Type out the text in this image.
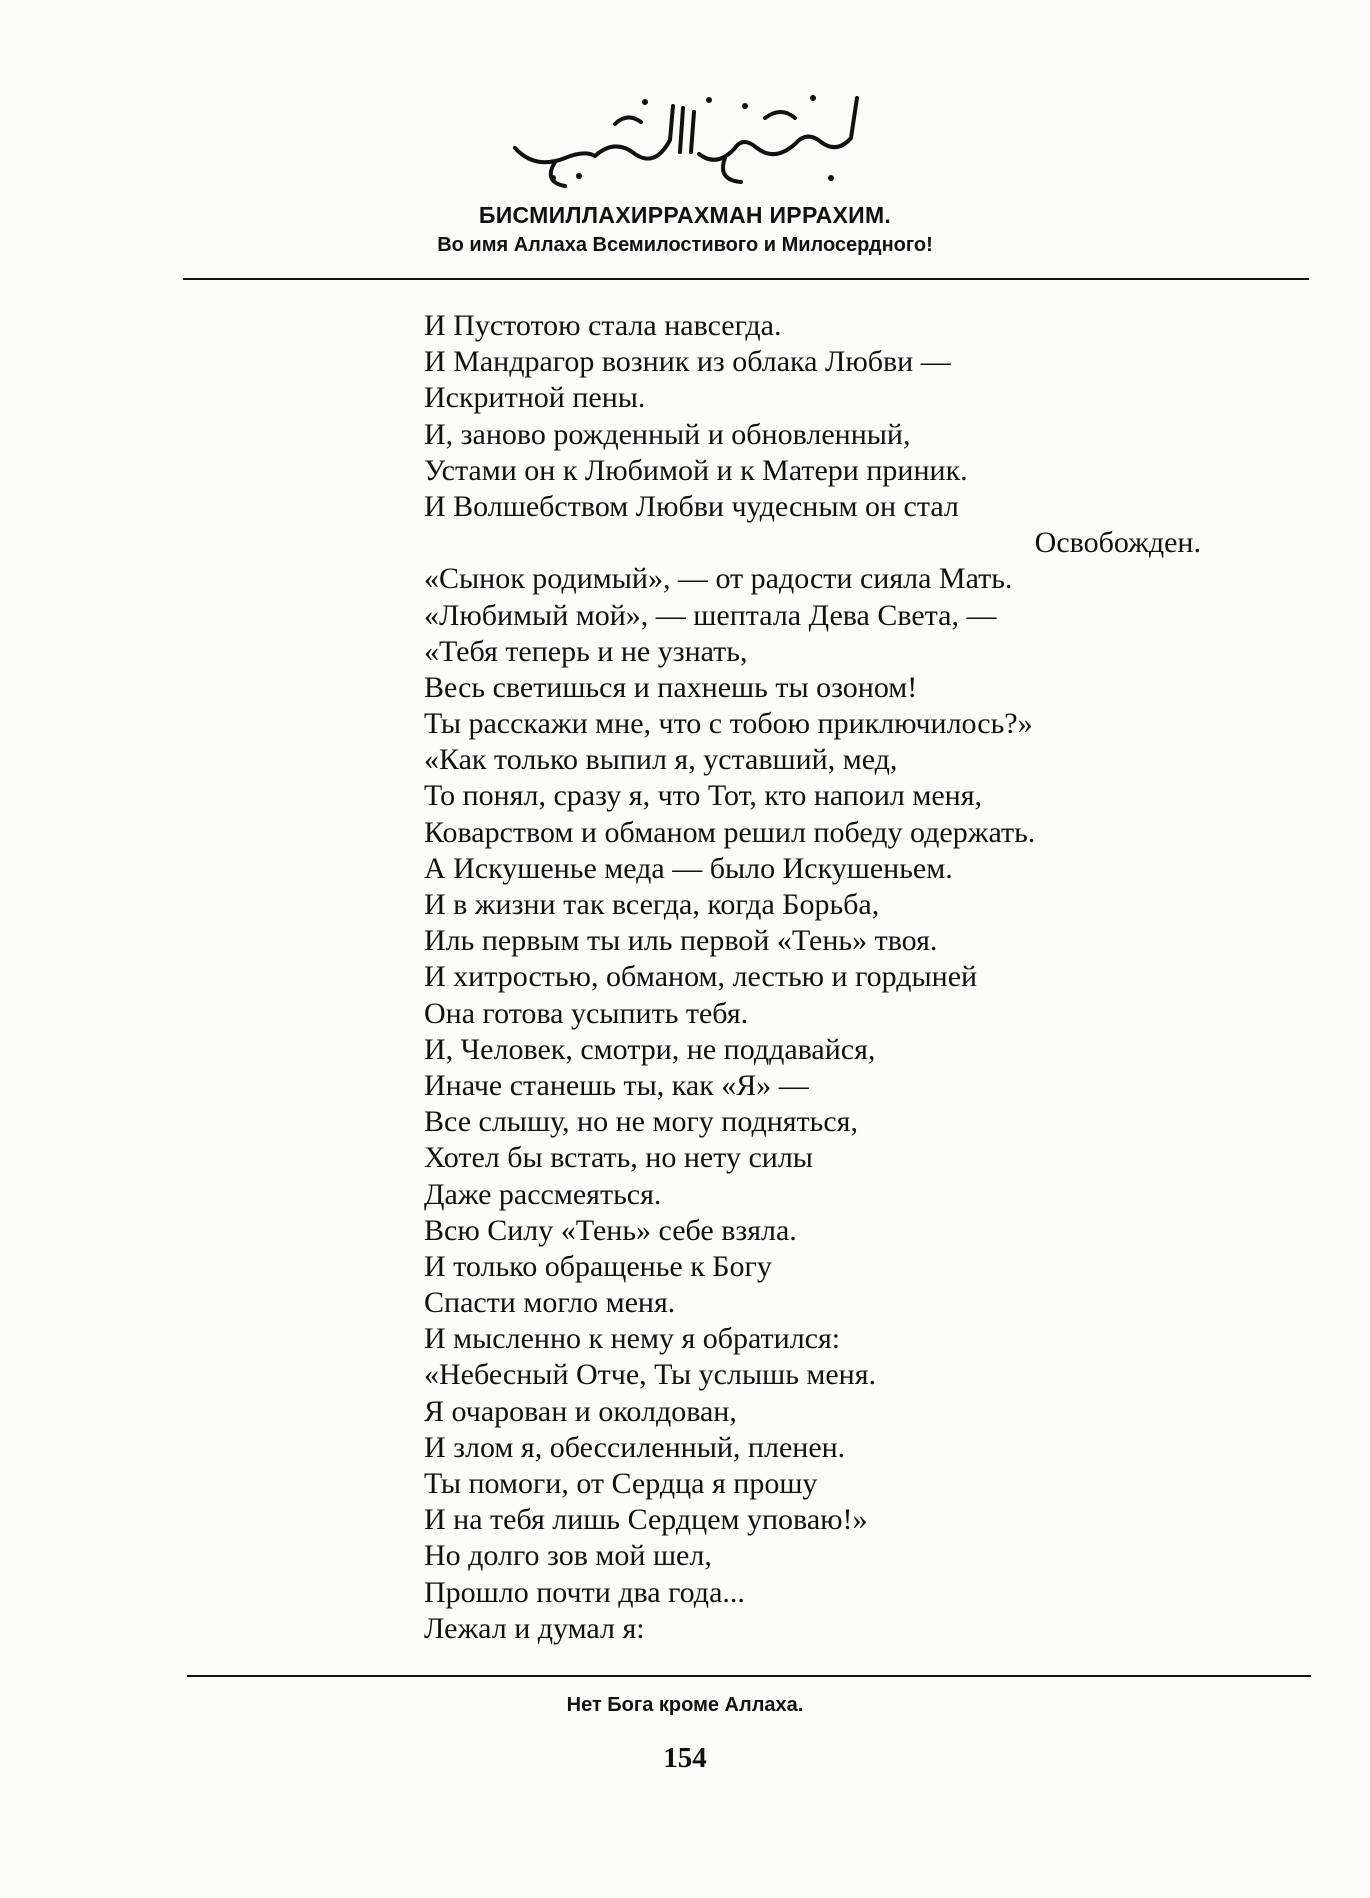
БИСМИЛЛАХИРРАХМАН ИРРАХИМ.
Во имя Аллаха Всемилостивого и Милосердного!
И Пустотою стала навсегда.
И Мандрагор возник из облака Любви —
Искритной пены.
И, заново рожденный и обновленный,
Устами он к Любимой и к Матери приник.
И Волшебством Любви чудесным он стал
Освобожден.
«Сынок родимый», — от радости сияла Мать.
«Любимый мой», — шептала Дева Света, —
«Тебя теперь и не узнать,
Весь светишься и пахнешь ты озоном!
Ты расскажи мне, что с тобою приключилось?»
«Как только выпил я, уставший, мед,
То понял, сразу я, что Тот, кто напоил меня,
Коварством и обманом решил победу одержать.
А Искушенье меда — было Искушеньем.
И в жизни так всегда, когда Борьба,
Иль первым ты иль первой «Тень» твоя.
И хитростью, обманом, лестью и гордыней
Она готова усыпить тебя.
И, Человек, смотри, не поддавайся,
Иначе станешь ты, как «Я» —
Все слышу, но не могу подняться,
Хотел бы встать, но нету силы
Даже рассмеяться.
Всю Силу «Тень» себе взяла.
И только обращенье к Богу
Спасти могло меня.
И мысленно к нему я обратился:
«Небесный Отче, Ты услышь меня.
Я очарован и околдован,
И злом я, обессиленный, пленен.
Ты помоги, от Сердца я прошу
И на тебя лишь Сердцем уповаю!»
Но долго зов мой шел,
Прошло почти два года...
Лежал и думал я:
Нет Бога кроме Аллаха.
154
